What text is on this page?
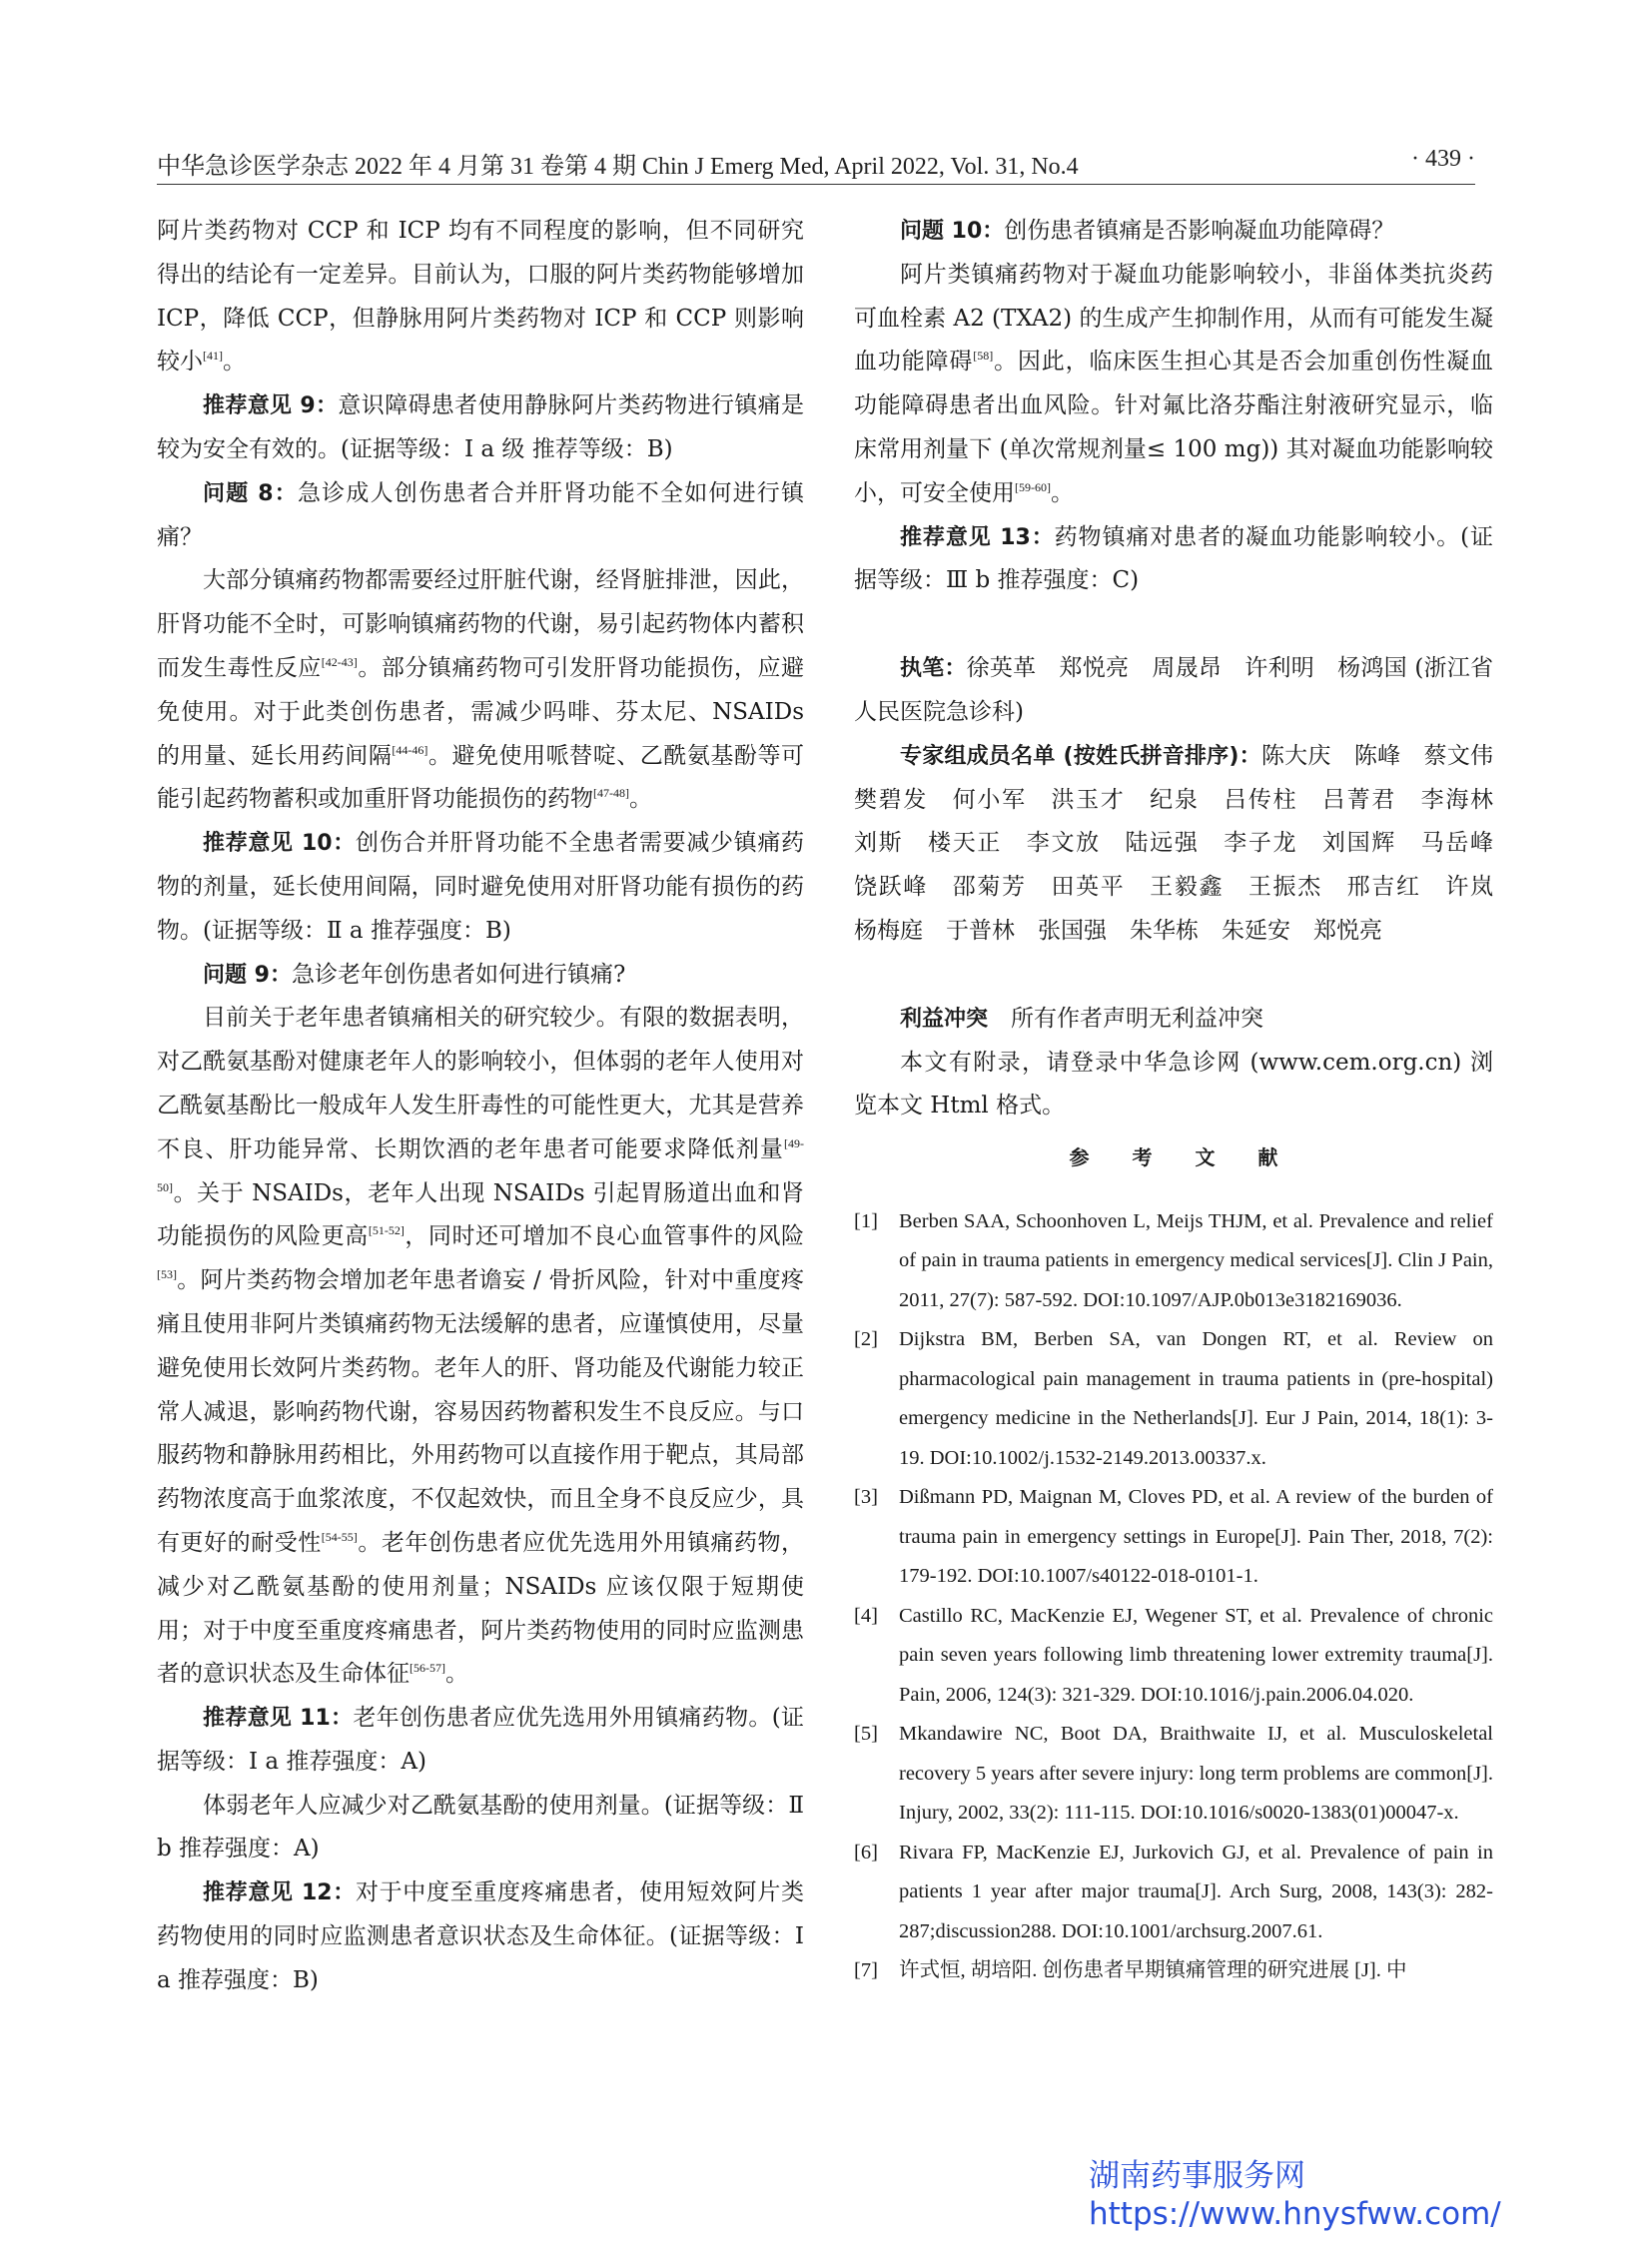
中华急诊医学杂志 2022 年 4 月第 31 卷第 4 期 Chin J Emerg Med, April 2022, Vol. 31, No.4	· 439 ·

阿片类药物对 CCP 和 ICP 均有不同程度的影响，但不同研究得出的结论有一定差异。目前认为，口服的阿片类药物能够增加 ICP，降低 CCP，但静脉用阿片类药物对 ICP 和 CCP 则影响较小[41]。

推荐意见 9：意识障碍患者使用静脉阿片类药物进行镇痛是较为安全有效的。(证据等级：Ⅰ a 级 推荐等级：B)

问题 8：急诊成人创伤患者合并肝肾功能不全如何进行镇痛？

大部分镇痛药物都需要经过肝脏代谢，经肾脏排泄，因此，肝肾功能不全时，可影响镇痛药物的代谢，易引起药物体内蓄积而发生毒性反应[42-43]。部分镇痛药物可引发肝肾功能损伤，应避免使用。对于此类创伤患者，需减少吗啡、芬太尼、NSAIDs 的用量、延长用药间隔[44-46]。避免使用哌替啶、乙酰氨基酚等可能引起药物蓄积或加重肝肾功能损伤的药物[47-48]。

推荐意见 10：创伤合并肝肾功能不全患者需要减少镇痛药物的剂量，延长使用间隔，同时避免使用对肝肾功能有损伤的药物。(证据等级：Ⅱ a 推荐强度：B)

问题 9：急诊老年创伤患者如何进行镇痛?

目前关于老年患者镇痛相关的研究较少。有限的数据表明，对乙酰氨基酚对健康老年人的影响较小，但体弱的老年人使用对乙酰氨基酚比一般成年人发生肝毒性的可能性更大，尤其是营养不良、肝功能异常、长期饮酒的老年患者可能要求降低剂量[49-50]。关于 NSAIDs，老年人出现 NSAIDs 引起胃肠道出血和肾功能损伤的风险更高[51-52]，同时还可增加不良心血管事件的风险[53]。阿片类药物会增加老年患者谵妄 / 骨折风险，针对中重度疼痛且使用非阿片类镇痛药物无法缓解的患者，应谨慎使用，尽量避免使用长效阿片类药物。老年人的肝、肾功能及代谢能力较正常人减退，影响药物代谢，容易因药物蓄积发生不良反应。与口服药物和静脉用药相比，外用药物可以直接作用于靶点，其局部药物浓度高于血浆浓度，不仅起效快，而且全身不良反应少，具有更好的耐受性[54-55]。老年创伤患者应优先选用外用镇痛药物，减少对乙酰氨基酚的使用剂量；NSAIDs 应该仅限于短期使用；对于中度至重度疼痛患者，阿片类药物使用的同时应监测患者的意识状态及生命体征[56-57]。

推荐意见 11：老年创伤患者应优先选用外用镇痛药物。(证据等级：Ⅰ a 推荐强度：A)

体弱老年人应减少对乙酰氨基酚的使用剂量。(证据等级：Ⅱ b 推荐强度：A)

推荐意见 12：对于中度至重度疼痛患者，使用短效阿片类药物使用的同时应监测患者意识状态及生命体征。(证据等级：Ⅰ a 推荐强度：B)

问题 10：创伤患者镇痛是否影响凝血功能障碍？

阿片类镇痛药物对于凝血功能影响较小，非甾体类抗炎药可血栓素 A2 (TXA2) 的生成产生抑制作用，从而有可能发生凝血功能障碍[58]。因此，临床医生担心其是否会加重创伤性凝血功能障碍患者出血风险。针对氟比洛芬酯注射液研究显示，临床常用剂量下 (单次常规剂量≤ 100 mg)) 其对凝血功能影响较小，可安全使用[59-60]。

推荐意见 13：药物镇痛对患者的凝血功能影响较小。(证据等级：Ⅲ b 推荐强度：C)

执笔：徐英革　郑悦亮　周晟昂　许利明　杨鸿国 (浙江省人民医院急诊科)

专家组成员名单 (按姓氏拼音排序)：陈大庆　陈峰　蔡文伟　樊碧发　何小军　洪玉才　纪泉　吕传柱　吕菁君　李海林　刘斯　楼天正　李文放　陆远强　李子龙　刘国辉　马岳峰　饶跃峰　邵菊芳　田英平　王毅鑫　王振杰　邢吉红　许岚　杨梅庭　于普林　张国强　朱华栋　朱延安　郑悦亮

利益冲突　所有作者声明无利益冲突

本文有附录，请登录中华急诊网 (www.cem.org.cn) 浏览本文 Html 格式。

参 考 文 献
[1] Berben SAA, Schoonhoven L, Meijs THJM, et al. Prevalence and relief of pain in trauma patients in emergency medical services[J]. Clin J Pain, 2011, 27(7): 587-592. DOI:10.1097/AJP.0b013e3182169036.
[2] Dijkstra BM, Berben SA, van Dongen RT, et al. Review on pharmacological pain management in trauma patients in (pre-hospital) emergency medicine in the Netherlands[J]. Eur J Pain, 2014, 18(1): 3-19. DOI:10.1002/j.1532-2149.2013.00337.x.
[3] Dißmann PD, Maignan M, Cloves PD, et al. A review of the burden of trauma pain in emergency settings in Europe[J]. Pain Ther, 2018, 7(2): 179-192. DOI:10.1007/s40122-018-0101-1.
[4] Castillo RC, MacKenzie EJ, Wegener ST, et al. Prevalence of chronic pain seven years following limb threatening lower extremity trauma[J]. Pain, 2006, 124(3): 321-329. DOI:10.1016/j.pain.2006.04.020.
[5] Mkandawire NC, Boot DA, Braithwaite IJ, et al. Musculoskeletal recovery 5 years after severe injury: long term problems are common[J]. Injury, 2002, 33(2): 111-115. DOI:10.1016/s0020-1383(01)00047-x.
[6] Rivara FP, MacKenzie EJ, Jurkovich GJ, et al. Prevalence of pain in patients 1 year after major trauma[J]. Arch Surg, 2008, 143(3): 282-287;discussion288. DOI:10.1001/archsurg.2007.61.
[7] 许式恒, 胡培阳. 创伤患者早期镇痛管理的研究进展 [J]. 中
湖南药事服务网
https://www.hnysfww.com/
